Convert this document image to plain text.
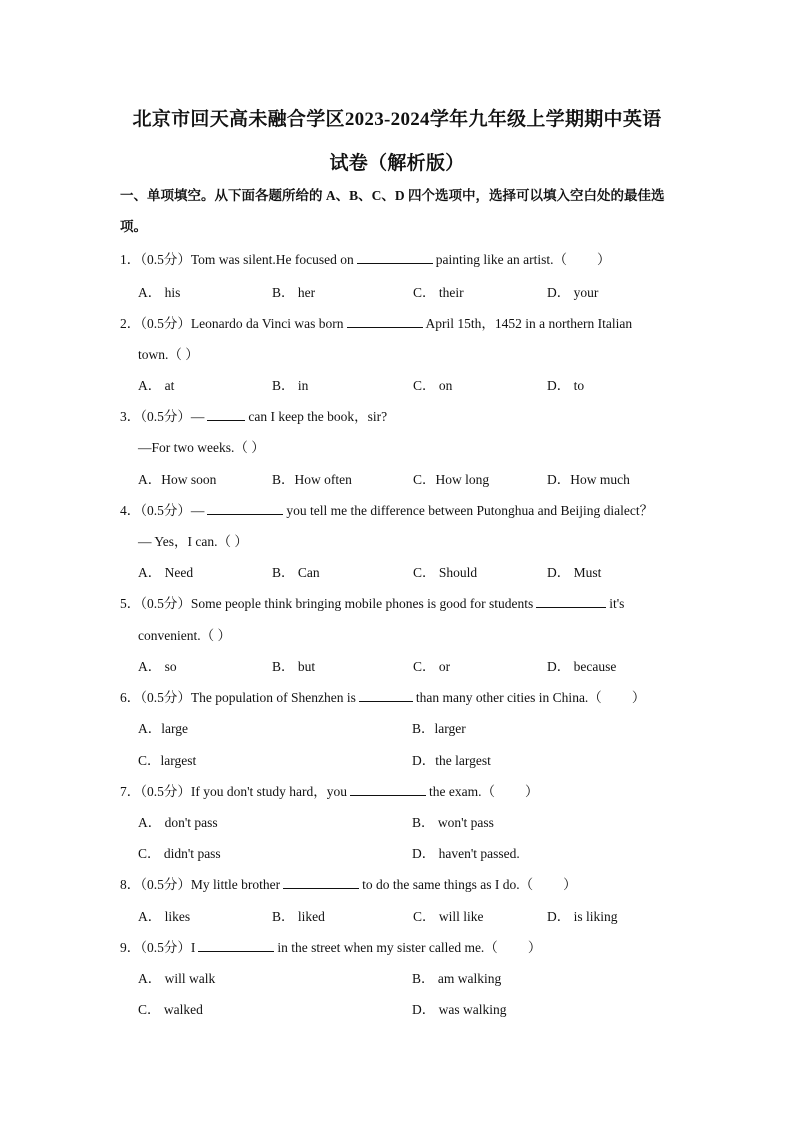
北京市回天高未融合学区2023-2024学年九年级上学期期中英语
试卷（解析版）
一、单项填空。从下面各题所给的 A、B、C、D 四个选项中，选择可以填入空白处的最佳选项。
1．（0.5分）Tom was silent.He focused on	painting like an artist.（ ）
A． his	B． her	C． their	D． your
2．（0.5分）Leonardo da Vinci was born	April 15th，1452 in a northern Italian
town.（ ）
A． at	B． in	C． on	D． to
3．（0.5分）—	can I keep the book，sir?
—For two weeks.（ ）
A．How soon	B．How often	C．How long	D．How much
4．（0.5分）—	you tell me the difference between Putonghua and Beijing dialect？
— Yes，I can.（ ）
A． Need	B． Can	C． Should	D． Must
5．（0.5分）Some people think bringing mobile phones is good for students	it's
convenient.（ ）
A． so	B． but	C． or	D． because
6．（0.5分）The population of Shenzhen is	than many other cities in China.（ ）
A．large	B．larger
C．largest	D．the largest
7．（0.5分）If you don't study hard，you	the exam.（ ）
A． don't pass	B． won't pass
C． didn't pass	D． haven't passed.
8．（0.5分）My little brother	to do the same things as I do.（ ）
A． likes	B． liked	C． will like	D． is liking
9．（0.5分）I	in the street when my sister called me.（ ）
A． will walk	B． am walking
C． walked	D． was walking
